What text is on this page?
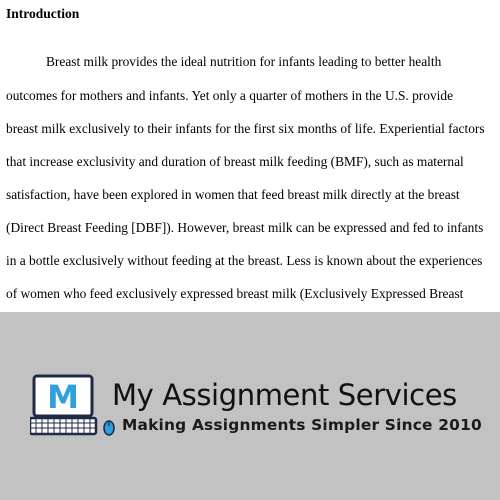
Introduction
Breast milk provides the ideal nutrition for infants leading to better health
outcomes for mothers and infants. Yet only a quarter of mothers in the U.S. provide
breast milk exclusively to their infants for the first six months of life. Experiential factors
that increase exclusivity and duration of breast milk feeding (BMF), such as maternal
satisfaction, have been explored in women that feed breast milk directly at the breast
(Direct Breast Feeding [DBF]). However, breast milk can be expressed and fed to infants
in a bottle exclusively without feeding at the breast. Less is known about the experiences
of women who feed exclusively expressed breast milk (Exclusively Expressed Breast
M My Assignment Services
Making Assignments Simpler Since 2010
